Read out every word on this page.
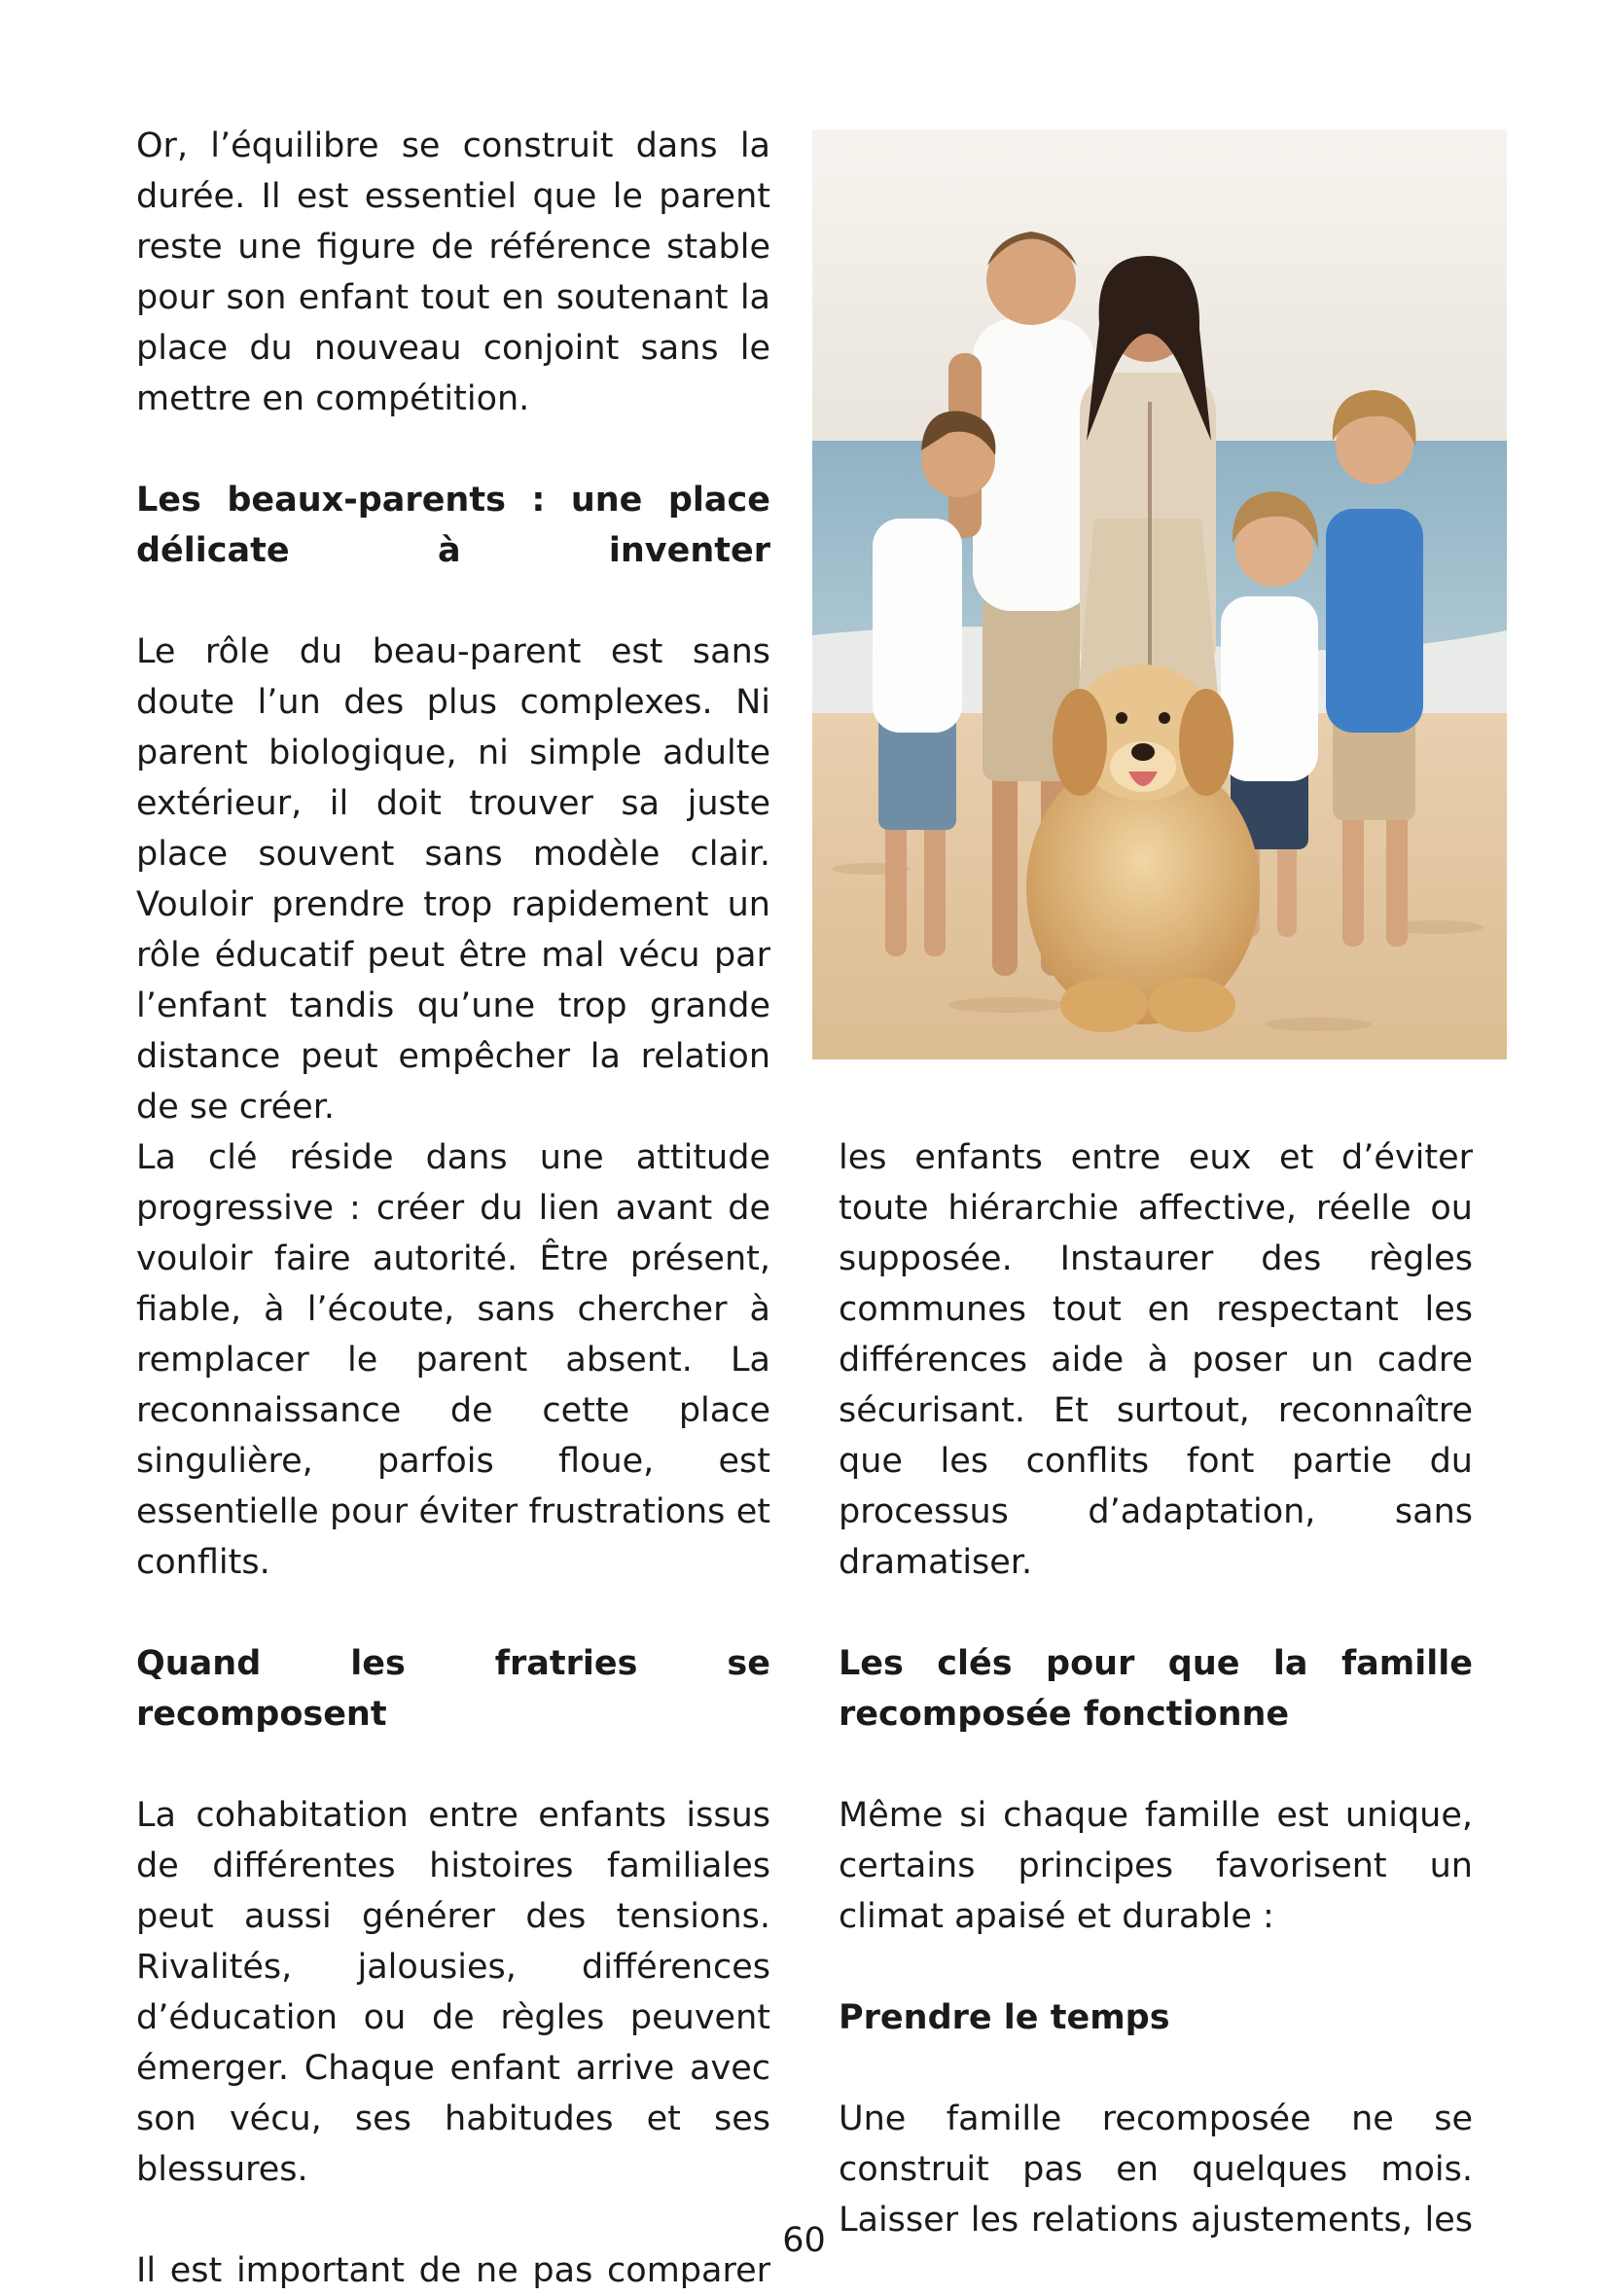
Or, l’équilibre se construit dans la durée. Il est essentiel que le parent reste une figure de référence stable pour son enfant tout en soutenant la place du nouveau conjoint sans le mettre en compétition.

Les beaux-parents : une place délicate à inventer

Le rôle du beau-parent est sans doute l’un des plus complexes. Ni parent biologique, ni simple adulte extérieur, il doit trouver sa juste place souvent sans modèle clair. Vouloir prendre trop rapidement un rôle éducatif peut être mal vécu par l’enfant tandis qu’une trop grande distance peut empêcher la relation de se créer.

La clé réside dans une attitude progressive : créer du lien avant de vouloir faire autorité. Être présent, fiable, à l’écoute, sans chercher à remplacer le parent absent. La reconnaissance de cette place singulière, parfois floue, est essentielle pour éviter frustrations et conflits.

Quand les fratries se recomposent

La cohabitation entre enfants issus de différentes histoires familiales peut aussi générer des tensions. Rivalités, jalousies, différences d’éducation ou de règles peuvent émerger. Chaque enfant arrive avec son vécu, ses habitudes et ses blessures.

Il est important de ne pas comparer

les enfants entre eux et d’éviter toute hiérarchie affective, réelle ou supposée. Instaurer des règles communes tout en respectant les différences aide à poser un cadre sécurisant. Et surtout, reconnaître que les conflits font partie du processus d’adaptation, sans dramatiser.

Les clés pour que la famille recomposée fonctionne

Même si chaque famille est unique, certains principes favorisent un climat apaisé et durable :

Prendre le temps

Une famille recomposée ne se construit pas en quelques mois. Laisser les relations ajustements, les

60
